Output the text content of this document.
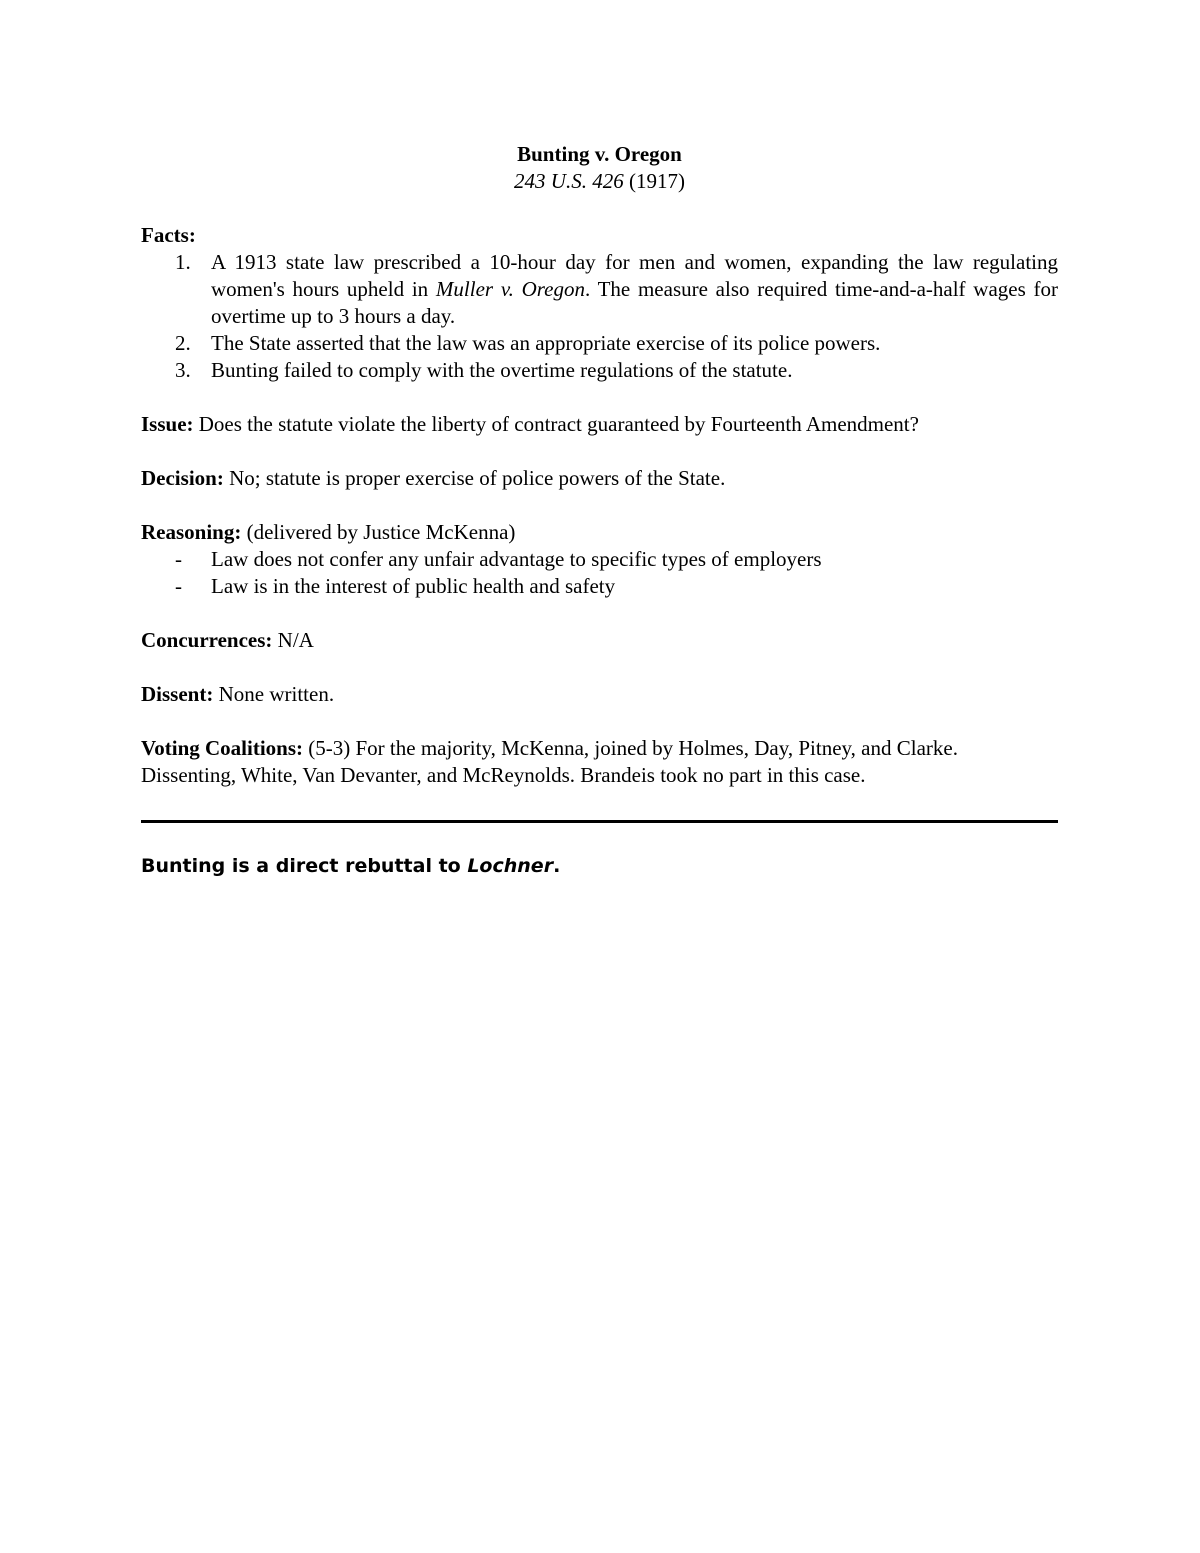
Bunting v. Oregon
243 U.S. 426 (1917)
Facts:
1. A 1913 state law prescribed a 10-hour day for men and women, expanding the law regulating women's hours upheld in Muller v. Oregon. The measure also required time-and-a-half wages for overtime up to 3 hours a day.
2. The State asserted that the law was an appropriate exercise of its police powers.
3. Bunting failed to comply with the overtime regulations of the statute.
Issue: Does the statute violate the liberty of contract guaranteed by Fourteenth Amendment?
Decision: No; statute is proper exercise of police powers of the State.
Reasoning: (delivered by Justice McKenna)
- Law does not confer any unfair advantage to specific types of employers
- Law is in the interest of public health and safety
Concurrences: N/A
Dissent: None written.
Voting Coalitions: (5-3) For the majority, McKenna, joined by Holmes, Day, Pitney, and Clarke. Dissenting, White, Van Devanter, and McReynolds. Brandeis took no part in this case.
Bunting is a direct rebuttal to Lochner.
